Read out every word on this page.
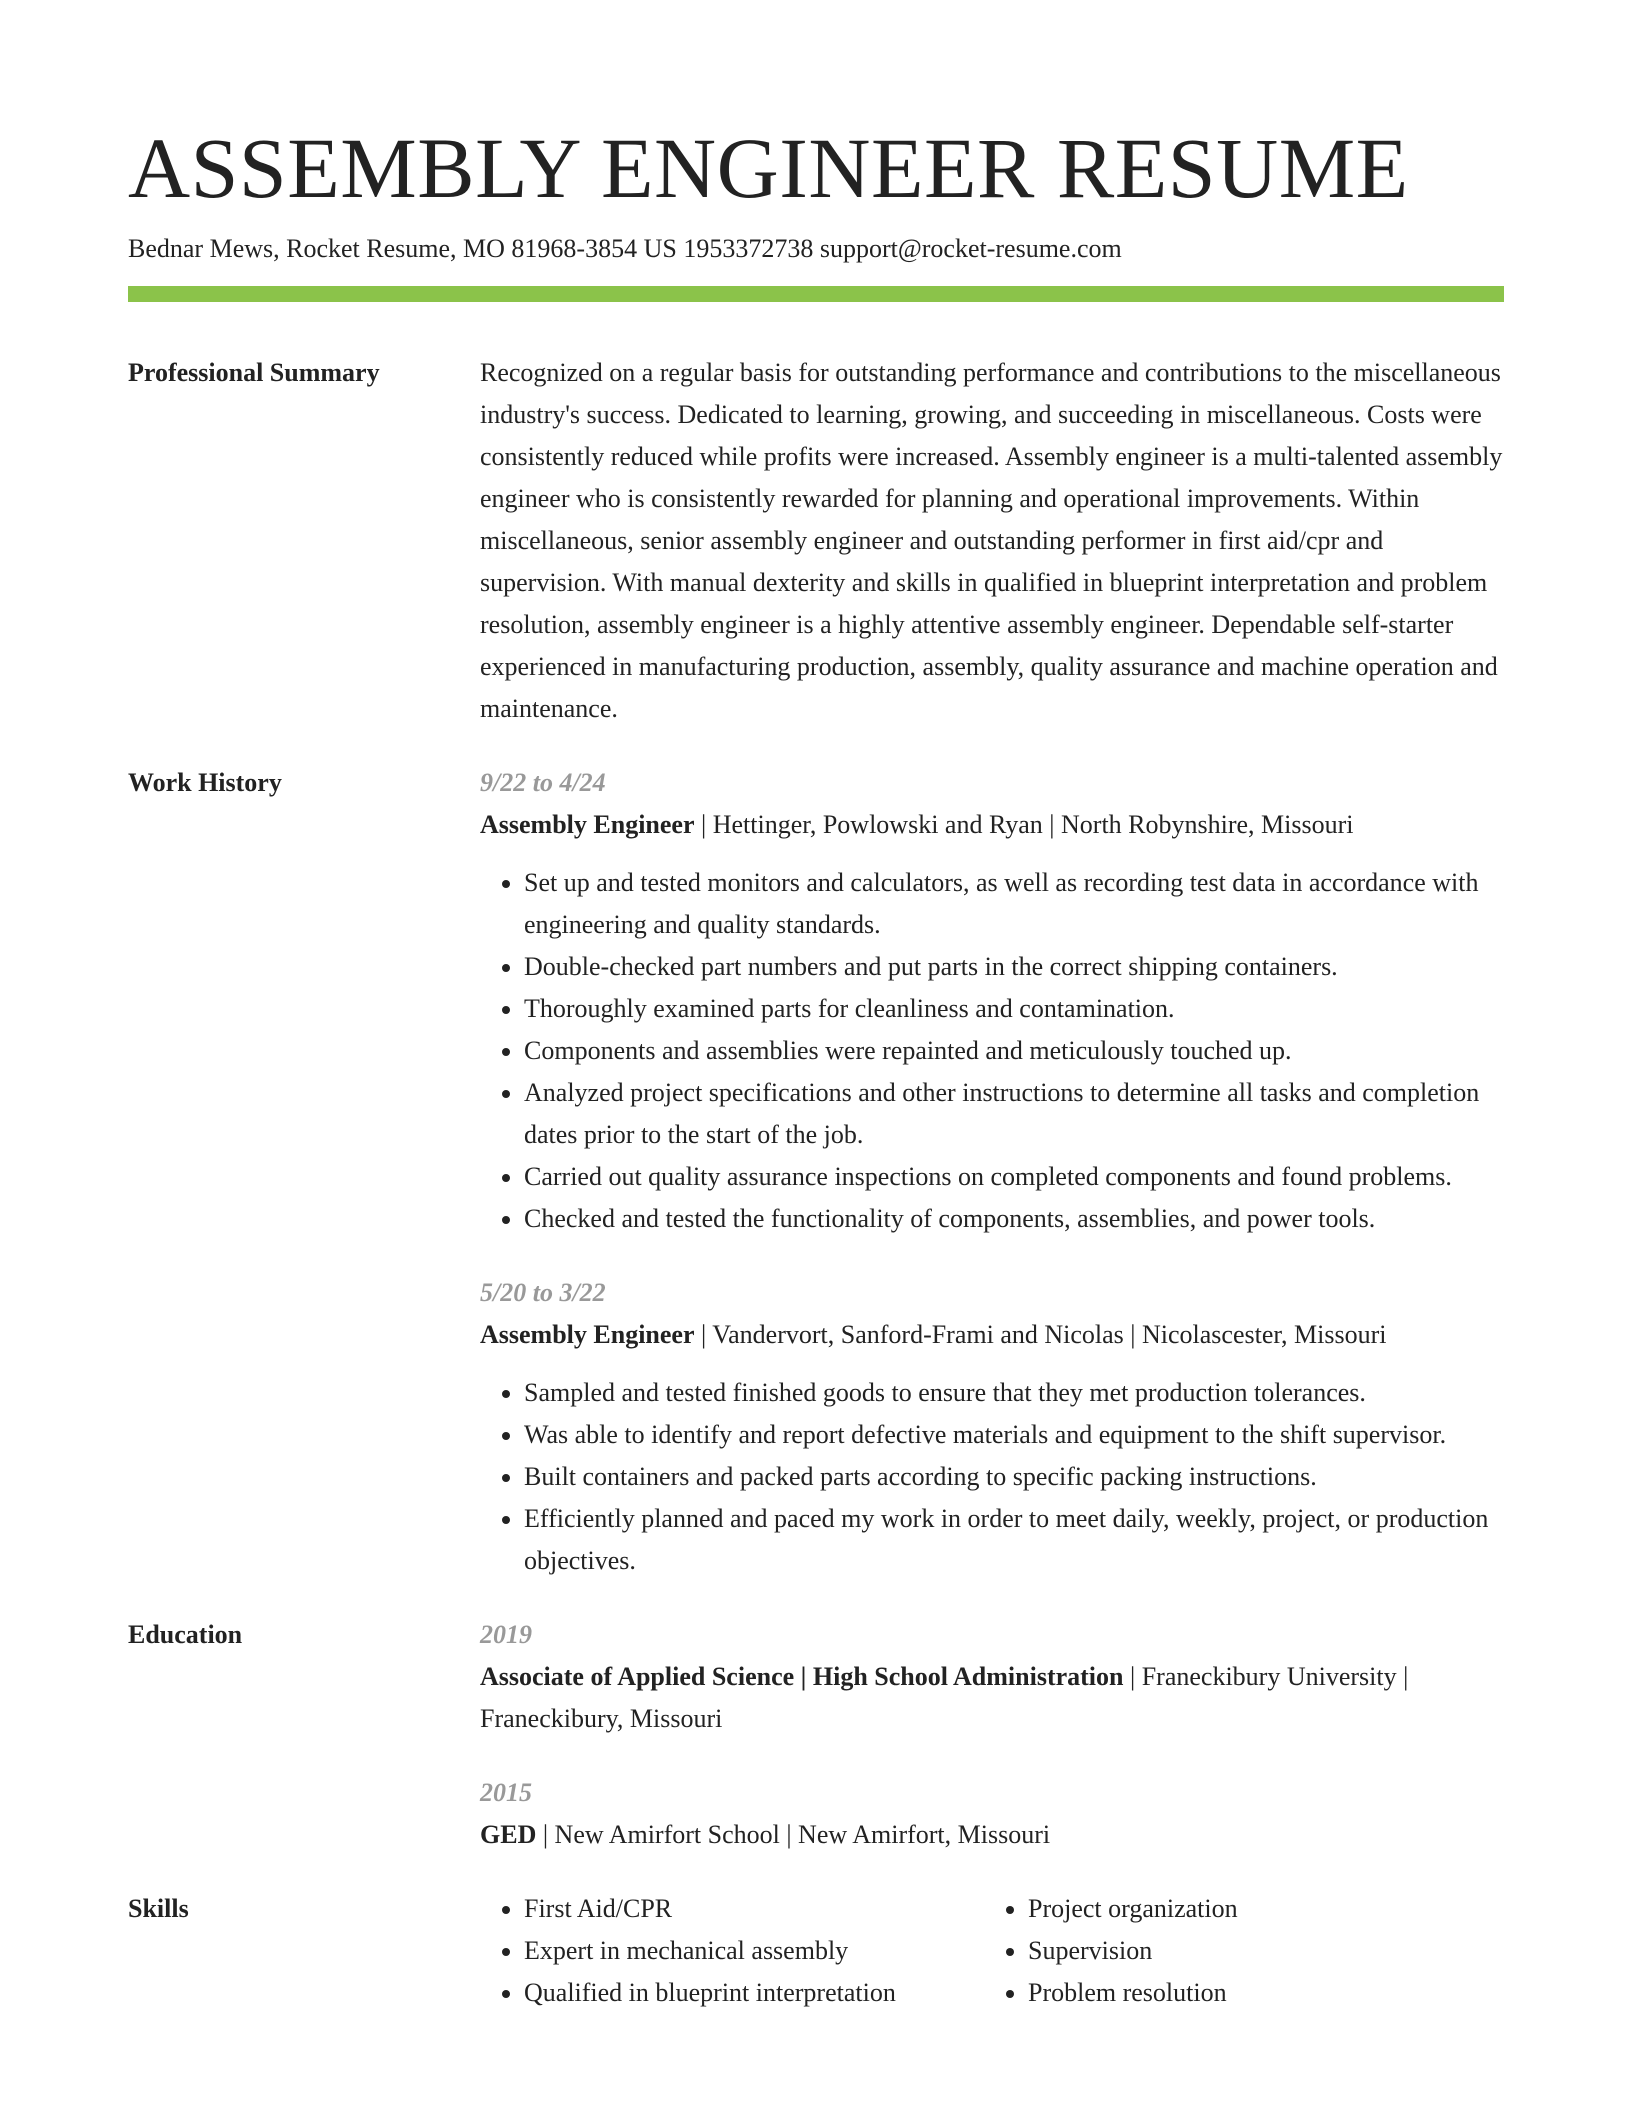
ASSEMBLY ENGINEER RESUME
Bednar Mews, Rocket Resume, MO 81968-3854 US 1953372738 support@rocket-resume.com
Professional Summary	Recognized on a regular basis for outstanding performance and contributions to the miscellaneous industry's success. Dedicated to learning, growing, and succeeding in miscellaneous. Costs were consistently reduced while profits were increased. Assembly engineer is a multi-talented assembly engineer who is consistently rewarded for planning and operational improvements. Within miscellaneous, senior assembly engineer and outstanding performer in first aid/cpr and supervision. With manual dexterity and skills in qualified in blueprint interpretation and problem resolution, assembly engineer is a highly attentive assembly engineer. Dependable self-starter experienced in manufacturing production, assembly, quality assurance and machine operation and maintenance.
Work History	9/22 to 4/24
Assembly Engineer | Hettinger, Powlowski and Ryan | North Robynshire, Missouri
• Set up and tested monitors and calculators, as well as recording test data in accordance with engineering and quality standards.
• Double-checked part numbers and put parts in the correct shipping containers.
• Thoroughly examined parts for cleanliness and contamination.
• Components and assemblies were repainted and meticulously touched up.
• Analyzed project specifications and other instructions to determine all tasks and completion dates prior to the start of the job.
• Carried out quality assurance inspections on completed components and found problems.
• Checked and tested the functionality of components, assemblies, and power tools.
5/20 to 3/22
Assembly Engineer | Vandervort, Sanford-Frami and Nicolas | Nicolascester, Missouri
• Sampled and tested finished goods to ensure that they met production tolerances.
• Was able to identify and report defective materials and equipment to the shift supervisor.
• Built containers and packed parts according to specific packing instructions.
• Efficiently planned and paced my work in order to meet daily, weekly, project, or production objectives.
Education	2019
Associate of Applied Science | High School Administration | Franeckibury University | Franeckibury, Missouri
2015
GED | New Amirfort School | New Amirfort, Missouri
Skills
•	First Aid/CPR
• Expert in mechanical assembly
• Qualified in blueprint interpretation
• Project organization
• Supervision
• Problem resolution
